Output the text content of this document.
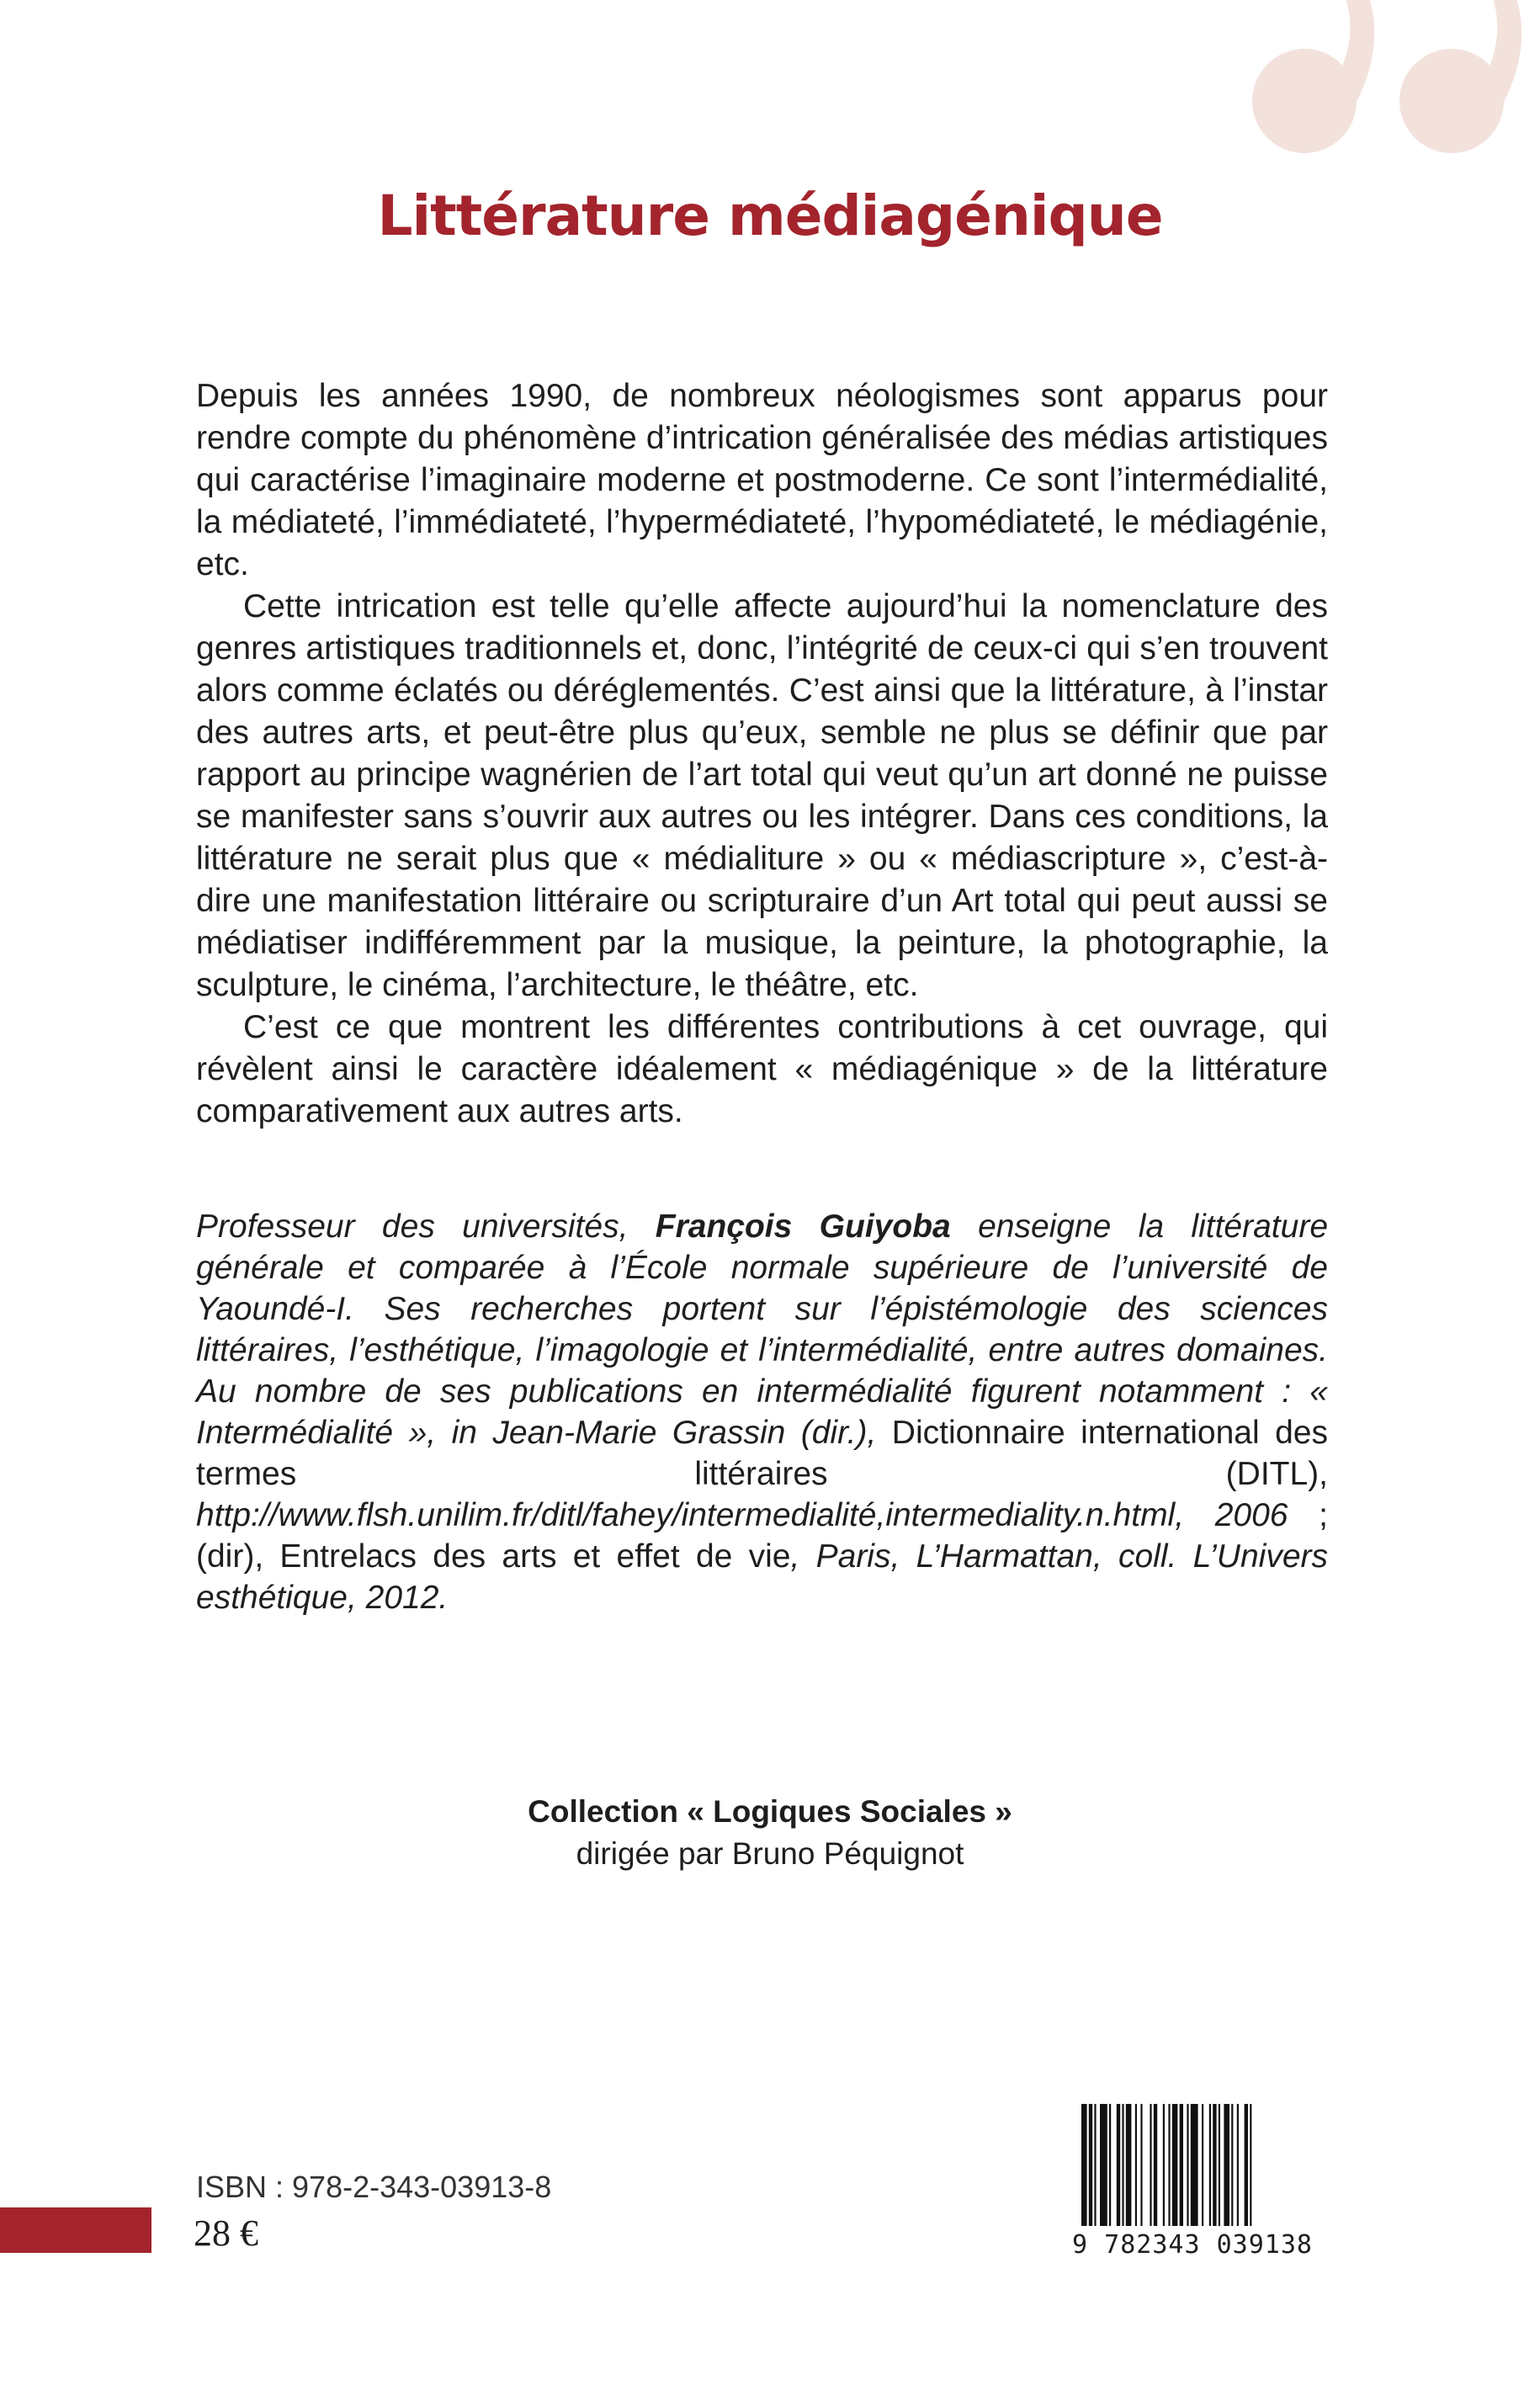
Littérature médiagénique

Depuis les années 1990, de nombreux néologismes sont apparus pour rendre compte du phénomène d’intrication généralisée des médias artistiques qui caractérise l’imaginaire moderne et postmoderne. Ce sont l’intermédialité, la médiateté, l’immédiateté, l’hypermédiateté, l’hypomédiateté, le médiagénie, etc.

Cette intrication est telle qu’elle affecte aujourd’hui la nomenclature des genres artistiques traditionnels et, donc, l’intégrité de ceux-ci qui s’en trouvent alors comme éclatés ou déréglementés. C’est ainsi que la littérature, à l’instar des autres arts, et peut-être plus qu’eux, semble ne plus se définir que par rapport au principe wagnérien de l’art total qui veut qu’un art donné ne puisse se manifester sans s’ouvrir aux autres ou les intégrer. Dans ces conditions, la littérature ne serait plus que « médialiture » ou « médiascripture », c’est-à-dire une manifestation littéraire ou scripturaire d’un Art total qui peut aussi se médiatiser indifféremment par la musique, la peinture, la photographie, la sculpture, le cinéma, l’architecture, le théâtre, etc.

C’est ce que montrent les différentes contributions à cet ouvrage, qui révèlent ainsi le caractère idéalement « médiagénique » de la littérature comparativement aux autres arts.

Professeur des universités, François Guiyoba enseigne la littérature générale et comparée à l’École normale supérieure de l’université de Yaoundé-I. Ses recherches portent sur l’épistémologie des sciences littéraires, l’esthétique, l’imagologie et l’intermédialité, entre autres domaines. Au nombre de ses publications en intermédialité figurent notamment : « Intermédialité », in Jean-Marie Grassin (dir.), Dictionnaire international des termes littéraires (DITL), http://www.flsh.unilim.fr/ditl/fahey/intermedialité,intermediality.n.html, 2006 ; (dir), Entrelacs des arts et effet de vie, Paris, L’Harmattan, coll. L’Univers esthétique, 2012.

Collection « Logiques Sociales »
dirigée par Bruno Péquignot
ISBN : 978-2-343-03913-8
28 €	9 782343 039138
